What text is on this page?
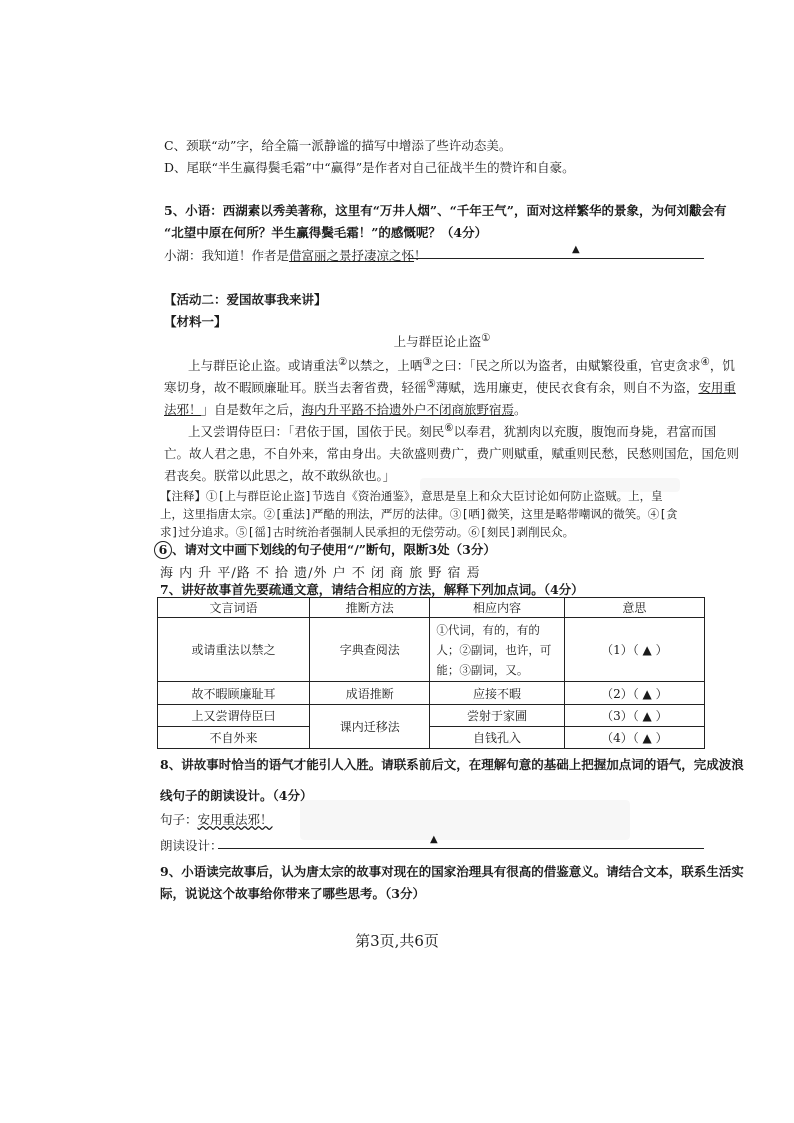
C、颈联“动”字，给全篇一派静谧的描写中增添了些许动态美。
D、尾联“半生赢得鬓毛霜”中“赢得”是作者对自己征战半生的赞许和自豪。
5、小语：西湖素以秀美著称，这里有“万井人烟”、“千年王气”，面对这样繁华的景象，为何刘黻会有
“北望中原在何所？半生赢得鬓毛霜！”的感慨呢？（4分）
小湖：我知道！作者是借富丽之景抒凄凉之怀！	▲
【活动二：爱国故事我来讲】
【材料一】
上与群臣论止盗①
上与群臣论止盗。或请重法②以禁之，上哂③之曰：「民之所以为盗者，由赋繁役重，官吏贪求④，饥
寒切身，故不暇顾廉耻耳。朕当去奢省费，轻徭⑤薄赋，选用廉吏，使民衣食有余，则自不为盗，安用重
法邪！」自是数年之后，海内升平路不拾遗外户不闭商旅野宿焉。
上又尝谓侍臣曰：「君依于国，国依于民。刻民⑥以奉君，犹割肉以充腹，腹饱而身毙，君富而国
亡。故人君之患，不自外来，常由身出。夫欲盛则费广，费广则赋重，赋重则民愁，民愁则国危，国危则
君丧矣。朕常以此思之，故不敢纵欲也。」
【注释】①[上与群臣论止盗]节选自《资治通鉴》，意思是皇上和众大臣讨论如何防止盗贼。上，皇
上，这里指唐太宗。②[重法]严酷的刑法，严厉的法律。③[哂]微笑，这里是略带嘲讽的微笑。④[贪
求]过分追求。⑤[徭]古时统治者强制人民承担的无偿劳动。⑥[刻民]剥削民众。
6 、请对文中画下划线的句子使用“/”断句，限断3处（3分）
海 内 升 平/路 不 拾 遗/外 户 不 闭 商 旅 野 宿 焉
7、讲好故事首先要疏通文意，请结合相应的方法，解释下列加点词。（4分）
文言词语	推断方法	相应内容	意思
或请重法以禁之	字典查阅法	①代词，有的，有的
人；②副词，也许，可
能；③副词，又。	（1）（ ▲ ）
故不暇顾廉耻耳	成语推断	应接不暇	（2）（ ▲ ）
上又尝谓侍臣曰	课内迁移法	尝射于家圃	（3）（ ▲ ）
不自外来		自钱孔入	（4）（ ▲ ）
8、讲故事时恰当的语气才能引人入胜。请联系前后文，在理解句意的基础上把握加点词的语气，完成波浪
线句子的朗读设计。（4分）
句子：安用重法邪！
朗读设计：	▲
9、小语读完故事后，认为唐太宗的故事对现在的国家治理具有很高的借鉴意义。请结合文本，联系生活实
际，说说这个故事给你带来了哪些思考。（3分）
第3页,共6页
